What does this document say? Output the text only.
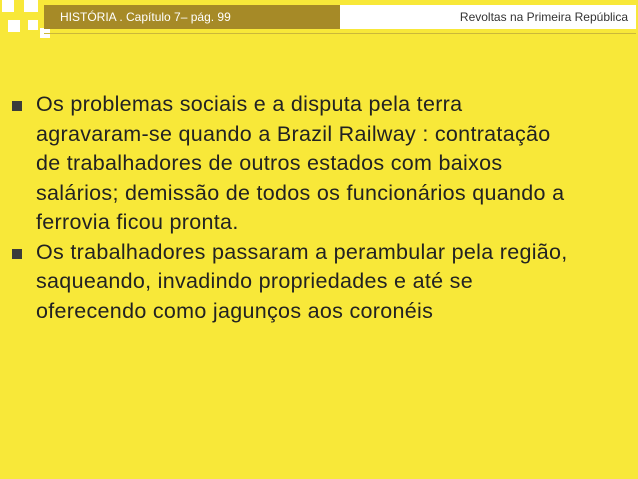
HISTÓRIA . Capítulo 7– pág. 99	Revoltas na Primeira República
Os problemas sociais e a disputa pela terra agravaram-se quando a Brazil Railway : contratação de trabalhadores de outros estados com baixos salários; demissão de todos os funcionários quando a ferrovia ficou pronta.
Os trabalhadores passaram a perambular pela região, saqueando, invadindo propriedades e até se oferecendo como jagunços aos coronéis
